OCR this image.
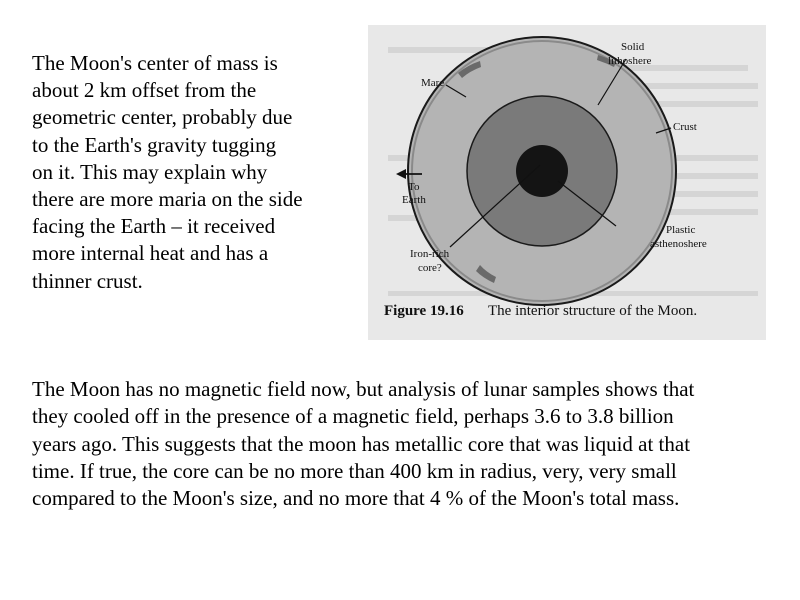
The Moon's center of mass is
about 2 km offset from the
geometric center, probably due
to the Earth's gravity tugging
on it. This may explain why
there are more maria on the side
facing the Earth – it received
more internal heat and has a
thinner crust.
Solid
lithoshere
Mare
Crust
To
Earth
Plastic
asthenoshere
Iron-rich
core?
Figure 19.16 The interior structure of the Moon.
The Moon has no magnetic field now, but analysis of lunar samples shows that
they cooled off in the presence of a magnetic field, perhaps 3.6 to 3.8 billion
years ago. This suggests that the moon has metallic core that was liquid at that
time. If true, the core can be no more than 400 km in radius, very, very small
compared to the Moon's size, and no more that 4 % of the Moon's total mass.
